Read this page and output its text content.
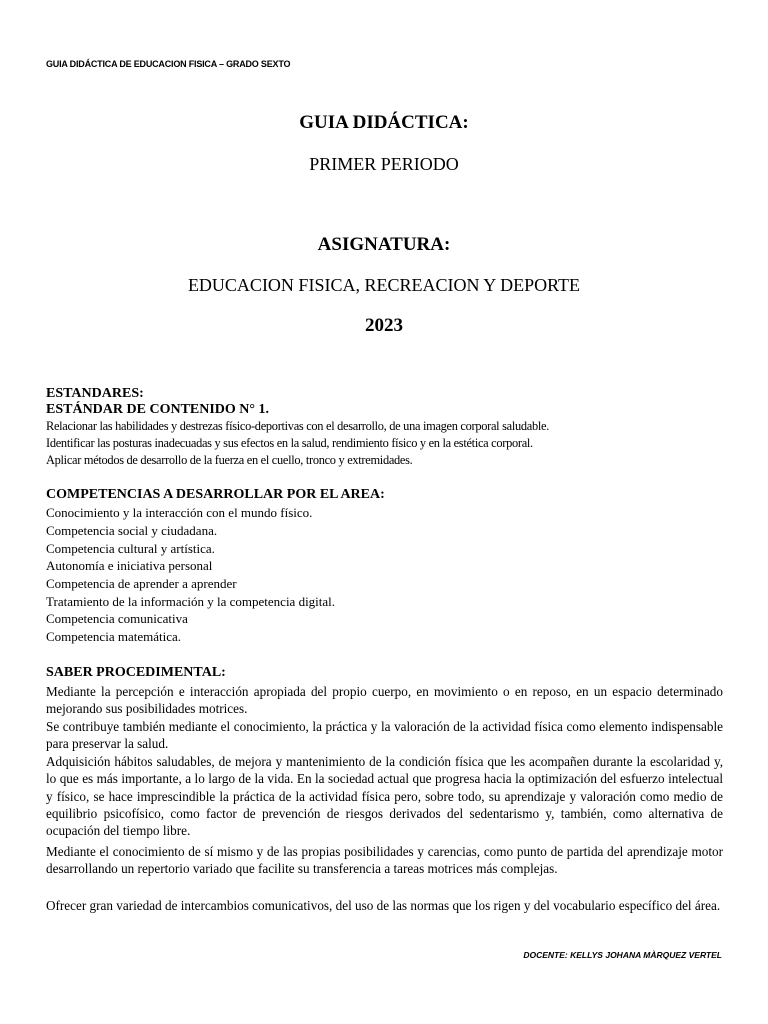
GUIA DIDÁCTICA DE EDUCACION FISICA – GRADO SEXTO
GUIA DIDÁCTICA:
PRIMER PERIODO
ASIGNATURA:
EDUCACION FISICA, RECREACION Y DEPORTE
2023
ESTANDARES:
ESTÁNDAR DE CONTENIDO N° 1.
Relacionar las habilidades y destrezas físico-deportivas con el desarrollo, de una imagen corporal saludable.
Identificar las posturas inadecuadas y sus efectos en la salud, rendimiento físico y en la estética corporal.
Aplicar métodos de desarrollo de la fuerza en el cuello, tronco y extremidades.
COMPETENCIAS A DESARROLLAR POR EL AREA:
Conocimiento y la interacción con el mundo físico.
Competencia social y ciudadana.
Competencia cultural y artística.
Autonomía e iniciativa personal
Competencia de aprender a aprender
Tratamiento de la información y la competencia digital.
Competencia comunicativa
Competencia matemática.
SABER PROCEDIMENTAL:

Mediante la percepción e interacción apropiada del propio cuerpo, en movimiento o en reposo, en un espacio determinado mejorando sus posibilidades motrices.

Se contribuye también mediante el conocimiento, la práctica y la valoración de la actividad física como elemento indispensable para preservar la salud.

Adquisición hábitos saludables, de mejora y mantenimiento de la condición física que les acompañen durante la escolaridad y, lo que es más importante, a lo largo de la vida. En la sociedad actual que progresa hacia la optimización del esfuerzo intelectual y físico, se hace imprescindible la práctica de la actividad física pero, sobre todo, su aprendizaje y valoración como medio de equilibrio psicofísico, como factor de prevención de riesgos derivados del sedentarismo y, también, como alternativa de ocupación del tiempo libre.

Mediante el conocimiento de sí mismo y de las propias posibilidades y carencias, como punto de partida del aprendizaje motor desarrollando un repertorio variado que facilite su transferencia a tareas motrices más complejas.

Ofrecer gran variedad de intercambios comunicativos, del uso de las normas que los rigen y del vocabulario específico del área.

DOCENTE: KELLYS JOHANA MÀRQUEZ VERTEL
